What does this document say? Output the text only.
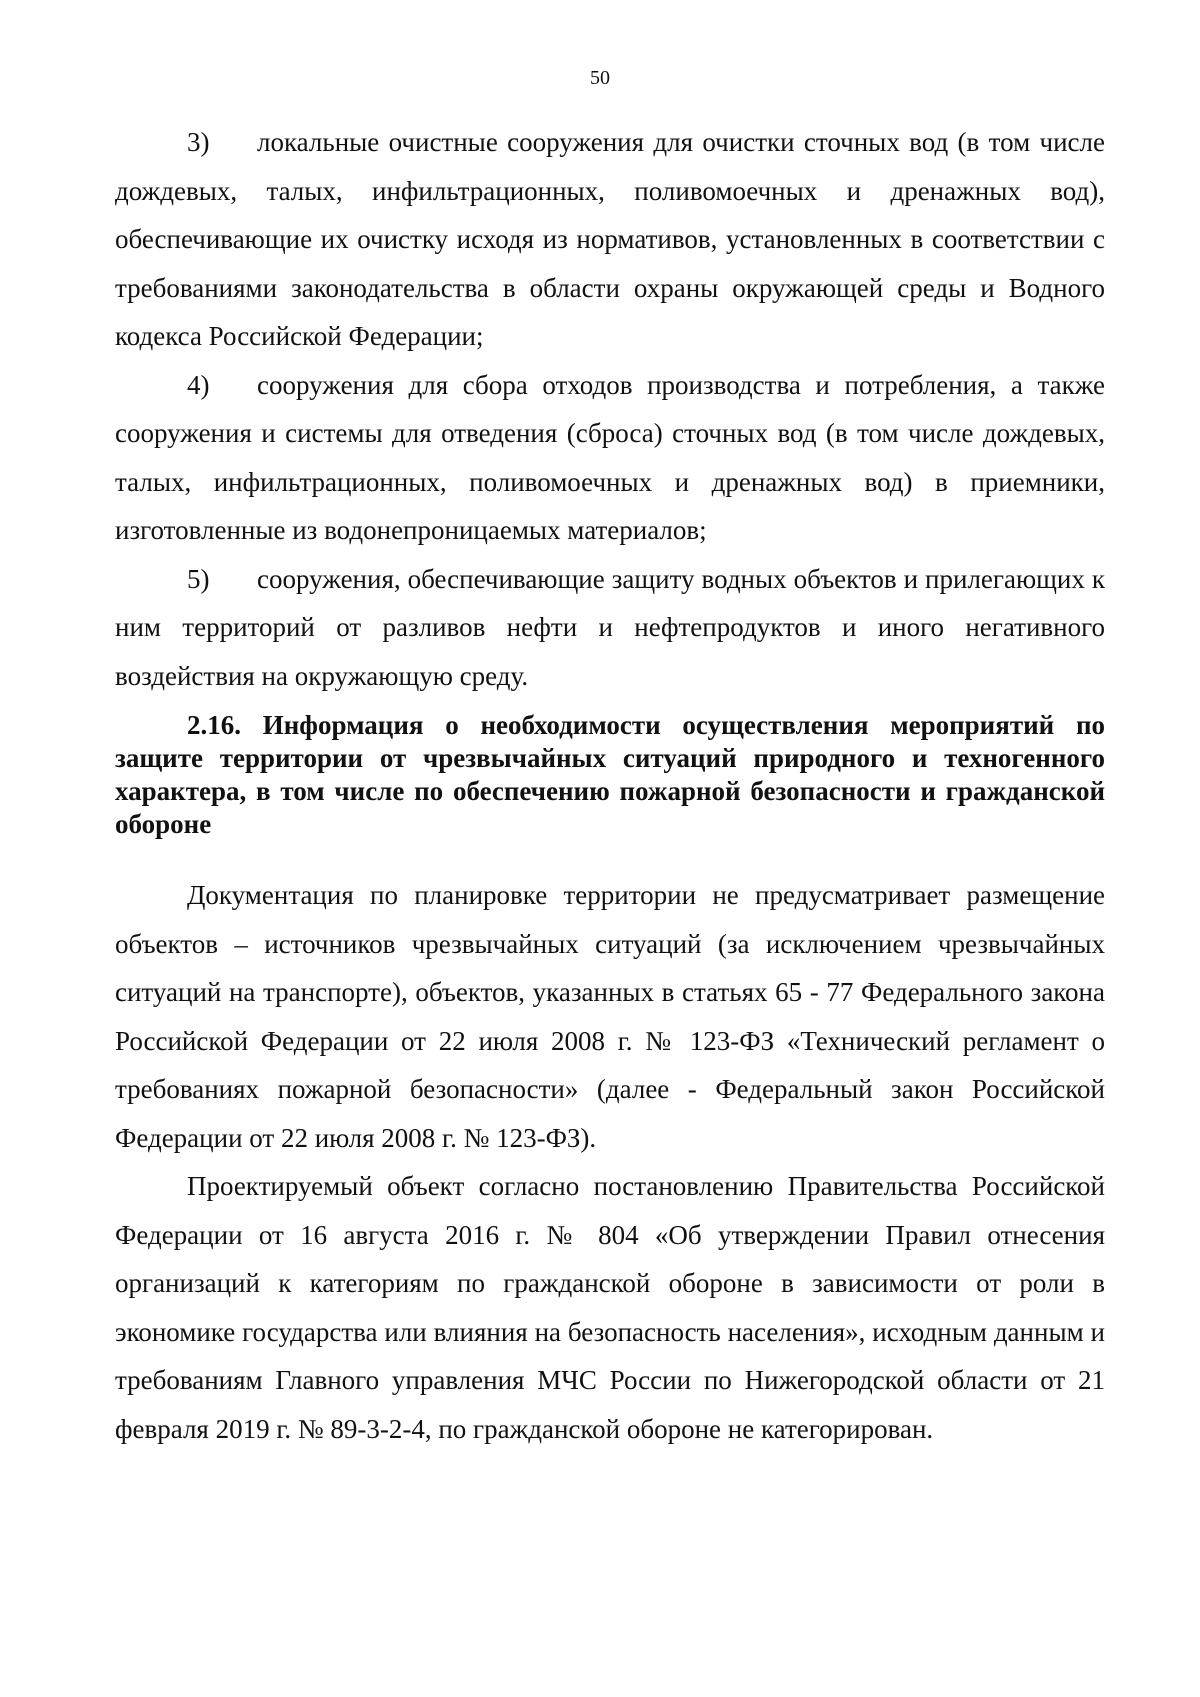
50

3) локальные очистные сооружения для очистки сточных вод (в том числе дождевых, талых, инфильтрационных, поливомоечных и дренажных вод), обеспечивающие их очистку исходя из нормативов, установленных в соответствии с требованиями законодательства в области охраны окружающей среды и Водного кодекса Российской Федерации;

4) сооружения для сбора отходов производства и потребления, а также сооружения и системы для отведения (сброса) сточных вод (в том числе дождевых, талых, инфильтрационных, поливомоечных и дренажных вод) в приемники, изготовленные из водонепроницаемых материалов;

5) сооружения, обеспечивающие защиту водных объектов и прилегающих к ним территорий от разливов нефти и нефтепродуктов и иного негативного воздействия на окружающую среду.

2.16. Информация о необходимости осуществления мероприятий по защите территории от чрезвычайных ситуаций природного и техногенного характера, в том числе по обеспечению пожарной безопасности и гражданской обороне

Документация по планировке территории не предусматривает размещение объектов – источников чрезвычайных ситуаций (за исключением чрезвычайных ситуаций на транспорте), объектов, указанных в статьях 65 - 77 Федерального закона Российской Федерации от 22 июля 2008 г. № 123-ФЗ «Технический регламент о требованиях пожарной безопасности» (далее - Федеральный закон Российской Федерации от 22 июля 2008 г. № 123-ФЗ).

Проектируемый объект согласно постановлению Правительства Российской Федерации от 16 августа 2016 г. № 804 «Об утверждении Правил отнесения организаций к категориям по гражданской обороне в зависимости от роли в экономике государства или влияния на безопасность населения», исходным данным и требованиям Главного управления МЧС России по Нижегородской области от 21 февраля 2019 г. № 89-3-2-4, по гражданской обороне не категорирован.
